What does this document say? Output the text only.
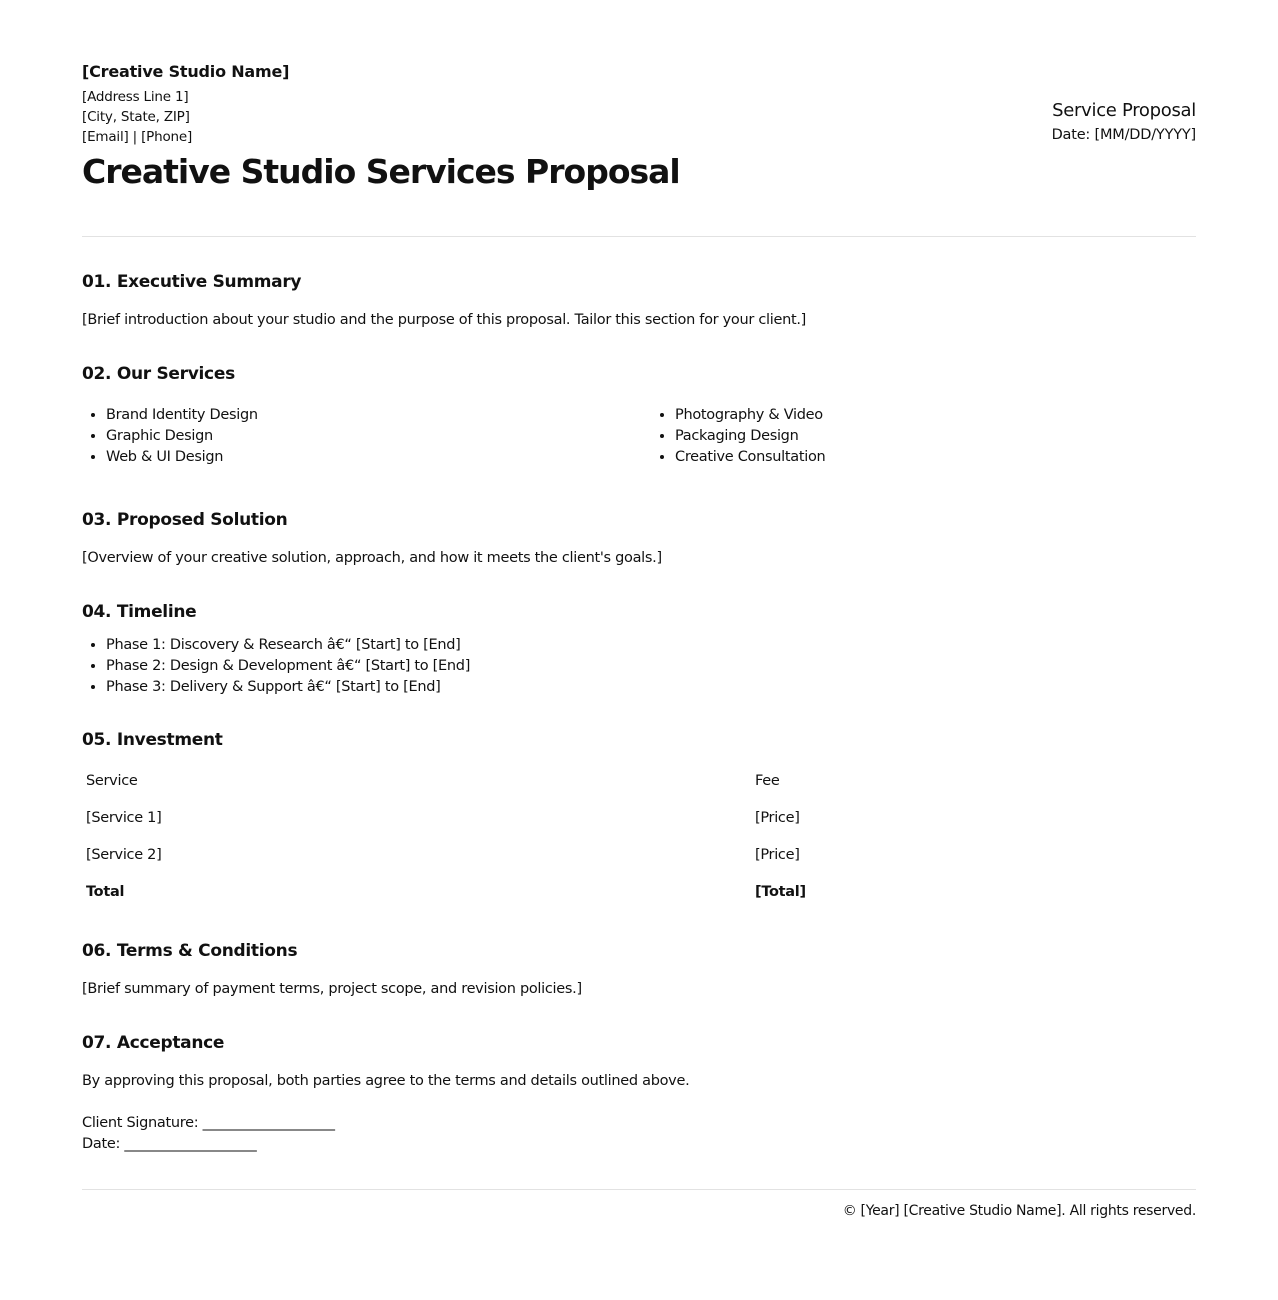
[Creative Studio Name]
[Address Line 1]
[City, State, ZIP]
[Email] | [Phone]
Creative Studio Services Proposal
Service Proposal
Date: [MM/DD/YYYY]
01. Executive Summary
[Brief introduction about your studio and the purpose of this proposal. Tailor this section for your client.]
02. Our Services
• Brand Identity Design
• Graphic Design
• Web & UI Design
• Photography & Video
• Packaging Design
• Creative Consultation
03. Proposed Solution
[Overview of your creative solution, approach, and how it meets the client's goals.]
04. Timeline
• Phase 1: Discovery & Research â€“ [Start] to [End]
• Phase 2: Design & Development â€“ [Start] to [End]
• Phase 3: Delivery & Support â€“ [Start] to [End]
05. Investment
Service	Fee
[Service 1]	[Price]
[Service 2]	[Price]
Total	[Total]
06. Terms & Conditions
[Brief summary of payment terms, project scope, and revision policies.]
07. Acceptance
By approving this proposal, both parties agree to the terms and details outlined above.
Client Signature: ___________________
Date: ___________________
© [Year] [Creative Studio Name]. All rights reserved.
